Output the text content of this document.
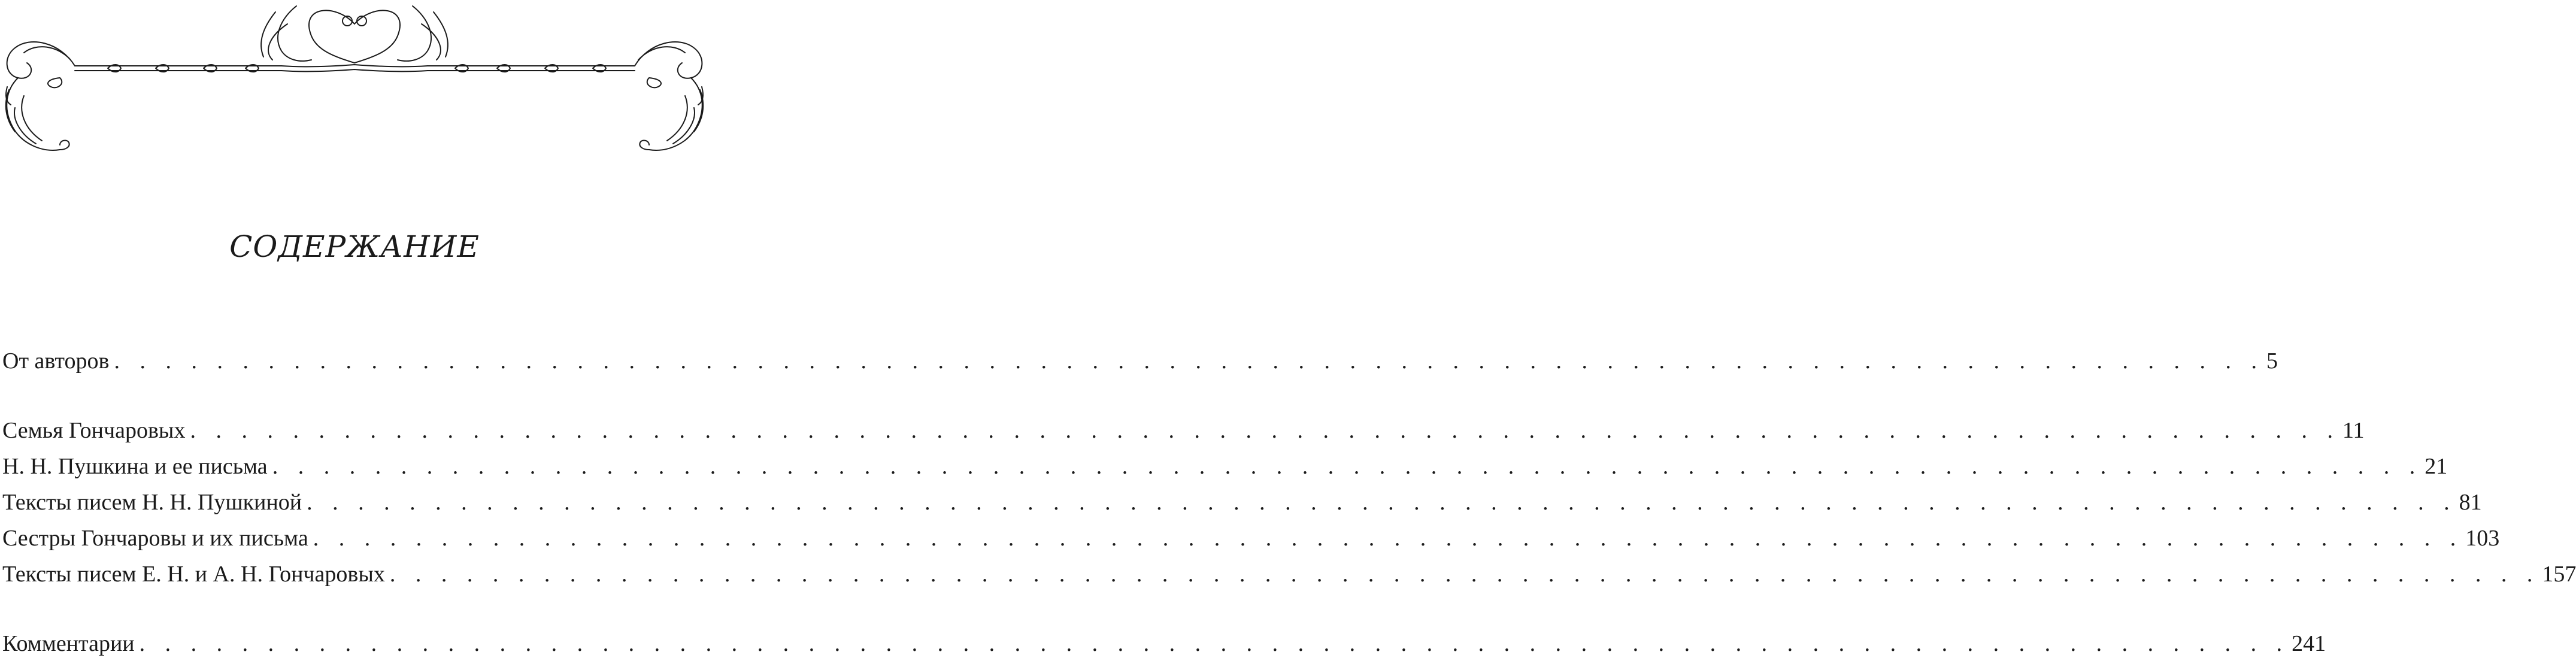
СОДЕРЖАНИЕ
От авторов . . . . . . . . . . . . . . . . . . . . . . . . . . . . . . . . . . . . . . . . . . . . . . . . . . . . . . . . . . . . . . . . . . . . . . . . . . . . . . . . . . . . 5
Семья Гончаровых . . . . . . . . . . . . . . . . . . . . . . . . . . . . . . . . . . . . . . . . . . . . . . . . . . . . . . . . . . . . . . . . . . . . . . . . . . . . . . . . . . . . 11
Н. Н. Пушкина и ее письма . . . . . . . . . . . . . . . . . . . . . . . . . . . . . . . . . . . . . . . . . . . . . . . . . . . . . . . . . . . . . . . . . . . . . . . . . . . . . . . . . . . . 21
Тексты писем Н. Н. Пушкиной . . . . . . . . . . . . . . . . . . . . . . . . . . . . . . . . . . . . . . . . . . . . . . . . . . . . . . . . . . . . . . . . . . . . . . . . . . . . . . . . . . . . 81
Сестры Гончаровы и их письма . . . . . . . . . . . . . . . . . . . . . . . . . . . . . . . . . . . . . . . . . . . . . . . . . . . . . . . . . . . . . . . . . . . . . . . . . . . . . . . . . . . . 103
Тексты писем Е. Н. и А. Н. Гончаровых . . . . . . . . . . . . . . . . . . . . . . . . . . . . . . . . . . . . . . . . . . . . . . . . . . . . . . . . . . . . . . . . . . . . . . . . . . . . . . . . . . . . 157
Комментарии . . . . . . . . . . . . . . . . . . . . . . . . . . . . . . . . . . . . . . . . . . . . . . . . . . . . . . . . . . . . . . . . . . . . . . . . . . . . . . . . . . . . 241
